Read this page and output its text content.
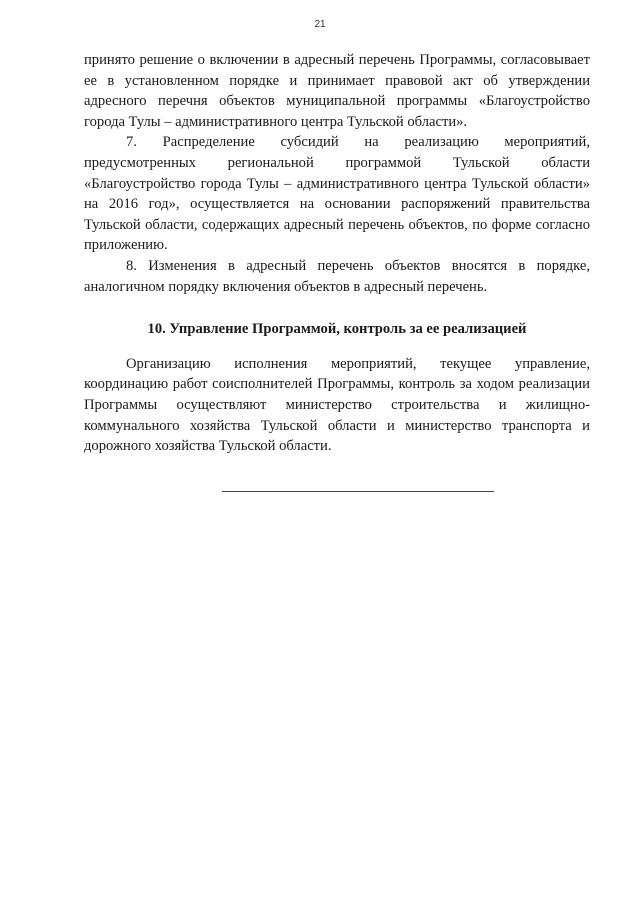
21

принято решение о включении в адресный перечень Программы, согласовывает ее в установленном порядке и принимает правовой акт об утверждении адресного перечня объектов муниципальной программы «Благоустройство города Тулы – административного центра Тульской области».

7. Распределение субсидий на реализацию мероприятий, предусмотренных региональной программой Тульской области «Благоустройство города Тулы – административного центра Тульской области» на 2016 год», осуществляется на основании распоряжений правительства Тульской области, содержащих адресный перечень объектов, по форме согласно приложению.

8. Изменения в адресный перечень объектов вносятся в порядке, аналогичном порядку включения объектов в адресный перечень.

10. Управление Программой, контроль за ее реализацией

Организацию исполнения мероприятий, текущее управление, координацию работ соисполнителей Программы, контроль за ходом реализации Программы осуществляют министерство строительства и жилищно-коммунального хозяйства Тульской области и министерство транспорта и дорожного хозяйства Тульской области.
